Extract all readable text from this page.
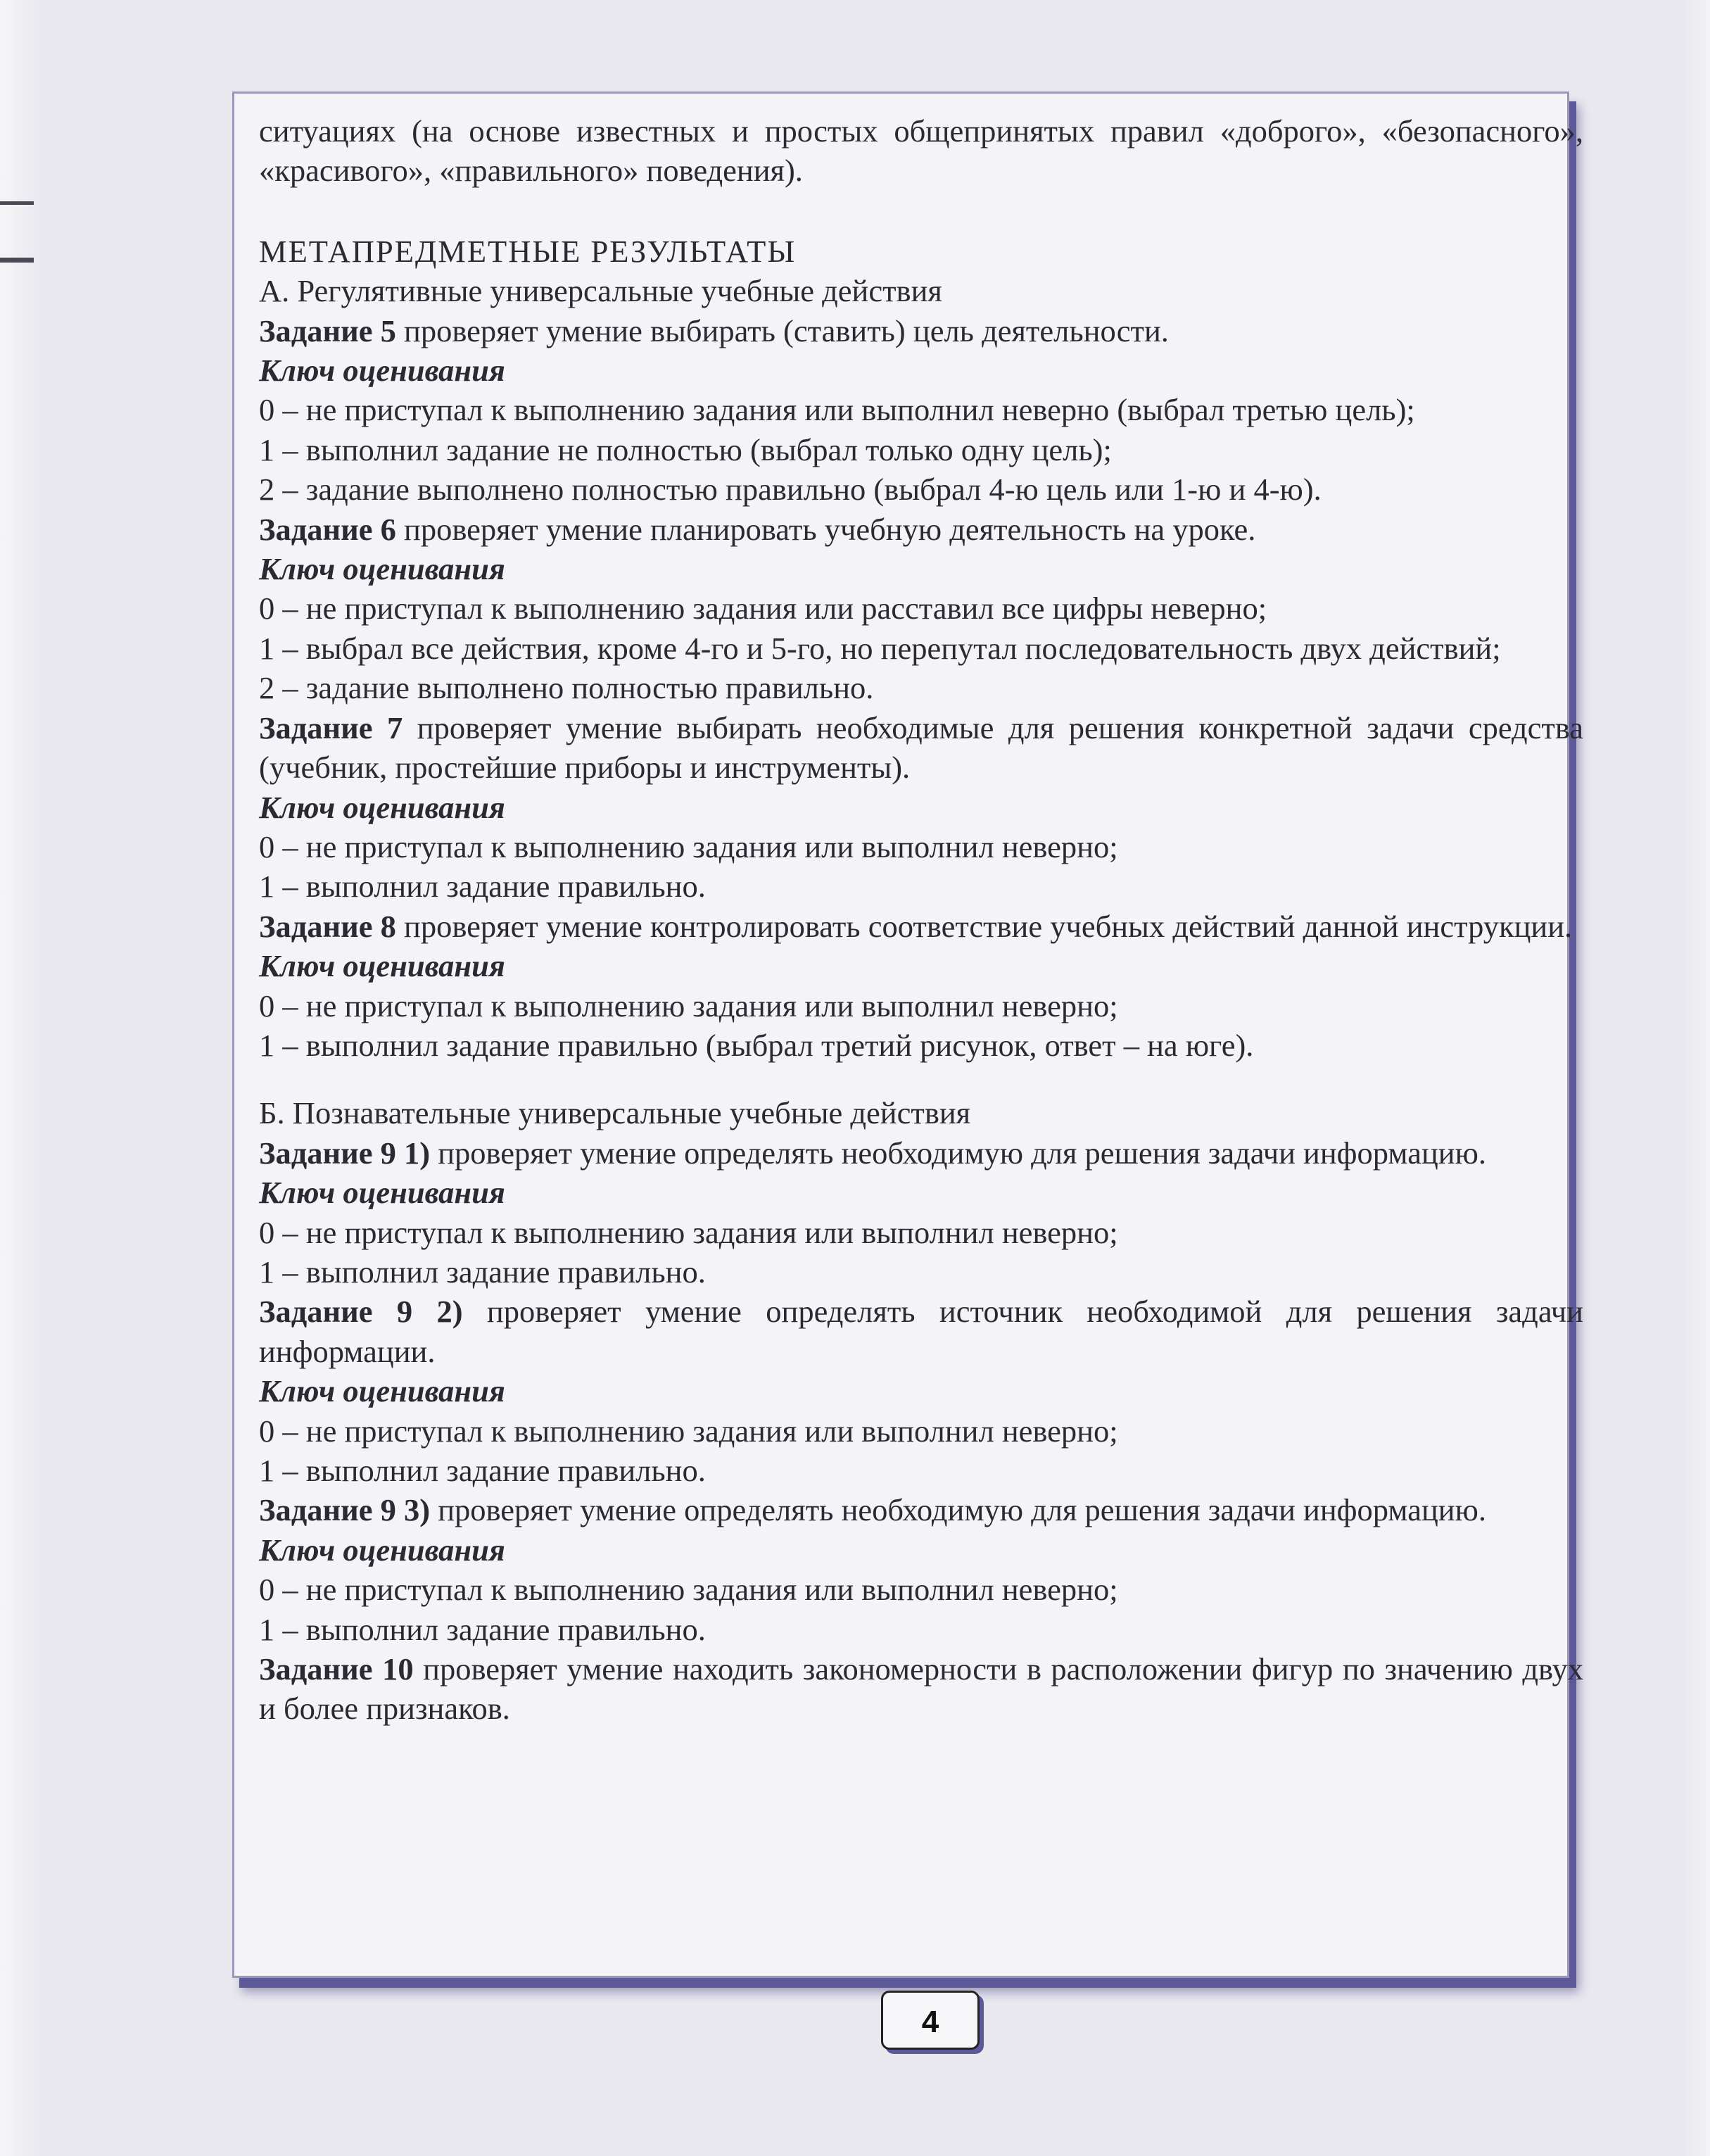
ситуациях (на основе известных и простых общепринятых правил «доброго», «безопасного», «красивого», «правильного» поведения).

МЕТАПРЕДМЕТНЫЕ РЕЗУЛЬТАТЫ

А. Регулятивные универсальные учебные действия

Задание 5 проверяет умение выбирать (ставить) цель деятельности.

Ключ оценивания

0 – не приступал к выполнению задания или выполнил неверно (выбрал третью цель);

1 – выполнил задание не полностью (выбрал только одну цель);

2 – задание выполнено полностью правильно (выбрал 4-ю цель или 1-ю и 4-ю).

Задание 6 проверяет умение планировать учебную деятельность на уроке.

Ключ оценивания

0 – не приступал к выполнению задания или расставил все цифры неверно;

1 – выбрал все действия, кроме 4-го и 5-го, но перепутал последовательность двух действий;

2 – задание выполнено полностью правильно.

Задание 7 проверяет умение выбирать необходимые для решения конкретной задачи средства (учебник, простейшие приборы и инструменты).

Ключ оценивания

0 – не приступал к выполнению задания или выполнил неверно;

1 – выполнил задание правильно.

Задание 8 проверяет умение контролировать соответствие учебных действий данной инструкции.

Ключ оценивания

0 – не приступал к выполнению задания или выполнил неверно;

1 – выполнил задание правильно (выбрал третий рисунок, ответ – на юге).

Б. Познавательные универсальные учебные действия

Задание 9 1) проверяет умение определять необходимую для решения задачи информацию.

Ключ оценивания

0 – не приступал к выполнению задания или выполнил неверно;

1 – выполнил задание правильно.

Задание 9 2) проверяет умение определять источник необходимой для решения задачи информации.

Ключ оценивания

0 – не приступал к выполнению задания или выполнил неверно;

1 – выполнил задание правильно.

Задание 9 3) проверяет умение определять необходимую для решения задачи информацию.

Ключ оценивания

0 – не приступал к выполнению задания или выполнил неверно;

1 – выполнил задание правильно.

Задание 10 проверяет умение находить закономерности в расположении фигур по значению двух и более признаков.

4
